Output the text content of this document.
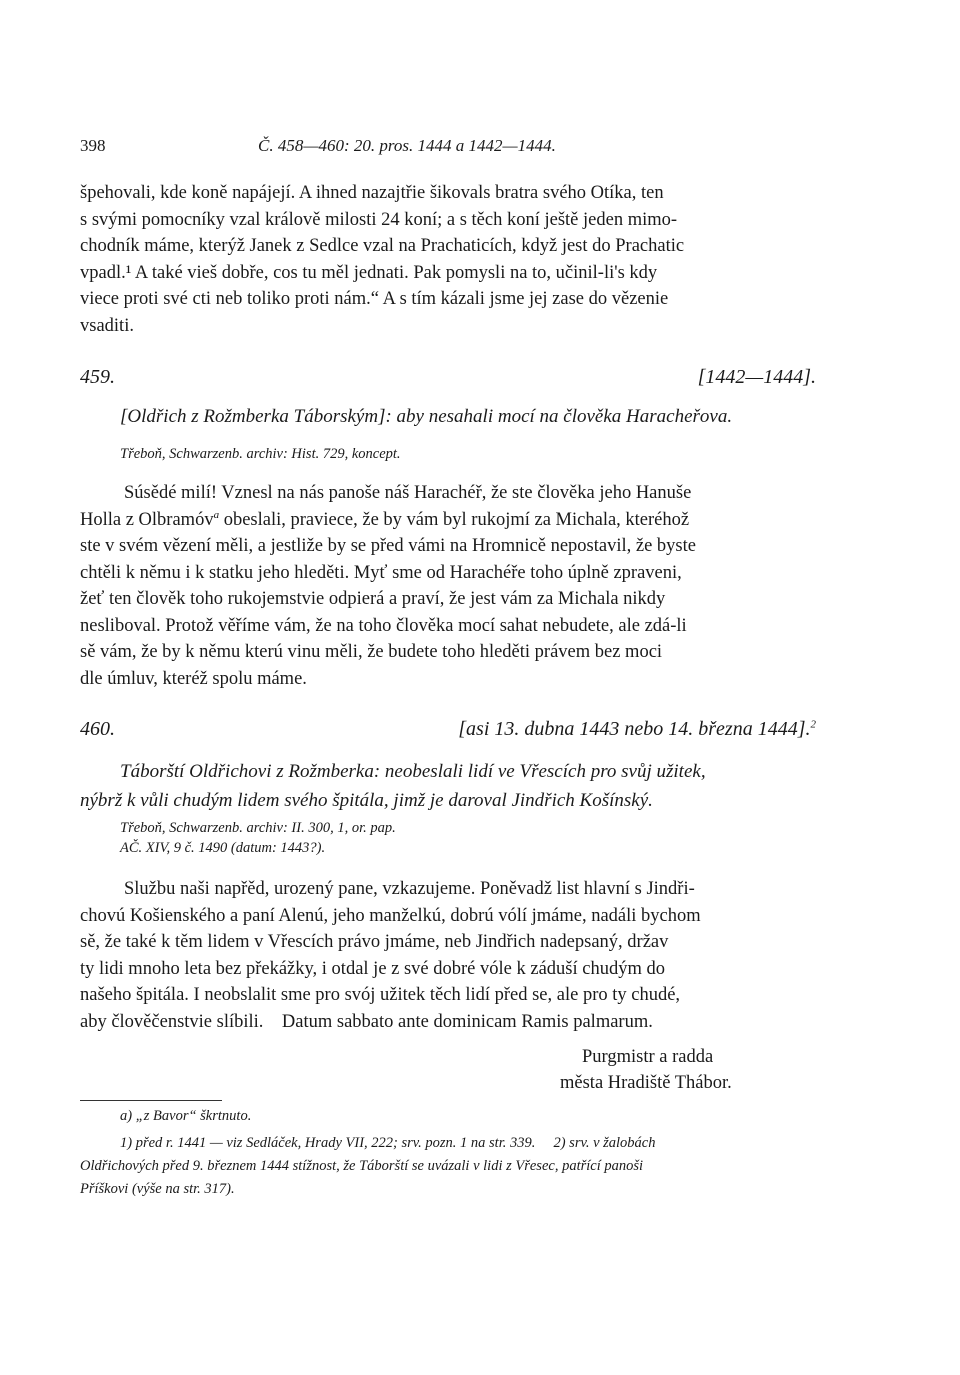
398	Č. 458—460: 20. pros. 1444 a 1442—1444.
špehovali, kde koně napájejí. A ihned nazajtřie šikovals bratra svého Otíka, ten
s svými pomocníky vzal králově milosti 24 koní; a s těch koní ještě jeden mimo-
chodník máme, kterýž Janek z Sedlce vzal na Prachaticích, když jest do Prachatic
vpadl.¹ A také vieš dobře, cos tu měl jednati. Pak pomysli na to, učinil-li's kdy
viece proti své cti neb toliko proti nám.“ A s tím kázali jsme jej zase do vězenie
vsaditi.
459.	[1442—1444].
[Oldřich z Rožmberka Táborským]: aby nesahali mocí na člověka Haracheřova.
Třeboň, Schwarzenb. archiv: Hist. 729, koncept.
Súsědé milí! Vznesl na nás panoše náš Harachéř, že ste člověka jeho Hanuše
Holla z Olbramóv$^a$ obeslali, praviece, že by vám byl rukojmí za Michala, kteréhož
ste v svém vězení měli, a jestliže by se před vámi na Hromnicě nepostavil, že byste
chtěli k němu i k statku jeho hleděti. Myť sme od Harachéře toho úplně zpraveni,
žeť ten člověk toho rukojemstvie odpierá a praví, že jest vám za Michala nikdy
nesliboval. Protož věříme vám, že na toho člověka mocí sahat nebudete, ale zdá-li
sě vám, že by k němu kterú vinu měli, že budete toho hleděti právem bez moci
dle úmluv, kteréž spolu máme.
460.	[asi 13. dubna 1443 nebo 14. března 1444].$^2$
Táborští Oldřichovi z Rožmberka: neobeslali lidí ve Vřescích pro svůj užitek,
nýbrž k vůli chudým lidem svého špitála, jimž je daroval Jindřich Košínský.
Třeboň, Schwarzenb. archiv: II. 300, 1, or. pap.
AČ. XIV, 9 č. 1490 (datum: 1443?).
Službu naši napřěd, urozený pane, vzkazujeme. Poněvadž list hlavní s Jindři-
chovú Košienského a paní Alenú, jeho manželkú, dobrú vólí jmáme, nadáli bychom
sě, že také k těm lidem v Vřescích právo jmáme, neb Jindřich nadepsaný, držav
ty lidi mnoho leta bez překážky, i otdal je z své dobré vóle k záduší chudým do
našeho špitála. I neobslalit sme pro svój užitek těch lidí před se, ale pro ty chudé,
aby člověčenstvie slíbili.    Datum sabbato ante dominicam Ramis palmarum.
Purgmistr a radda
města Hradiště Thábor.
a) „z Bavor“ škrtnuto.
1) před r. 1441 — viz Sedláček, Hrady VII, 222; srv. pozn. 1 na str. 339.     2) srv. v žalobách
Oldřichových před 9. březnem 1444 stížnost, že Táborští se uvázali v lidi z Vřesec, patřící panoši
Příškovi (výše na str. 317).
